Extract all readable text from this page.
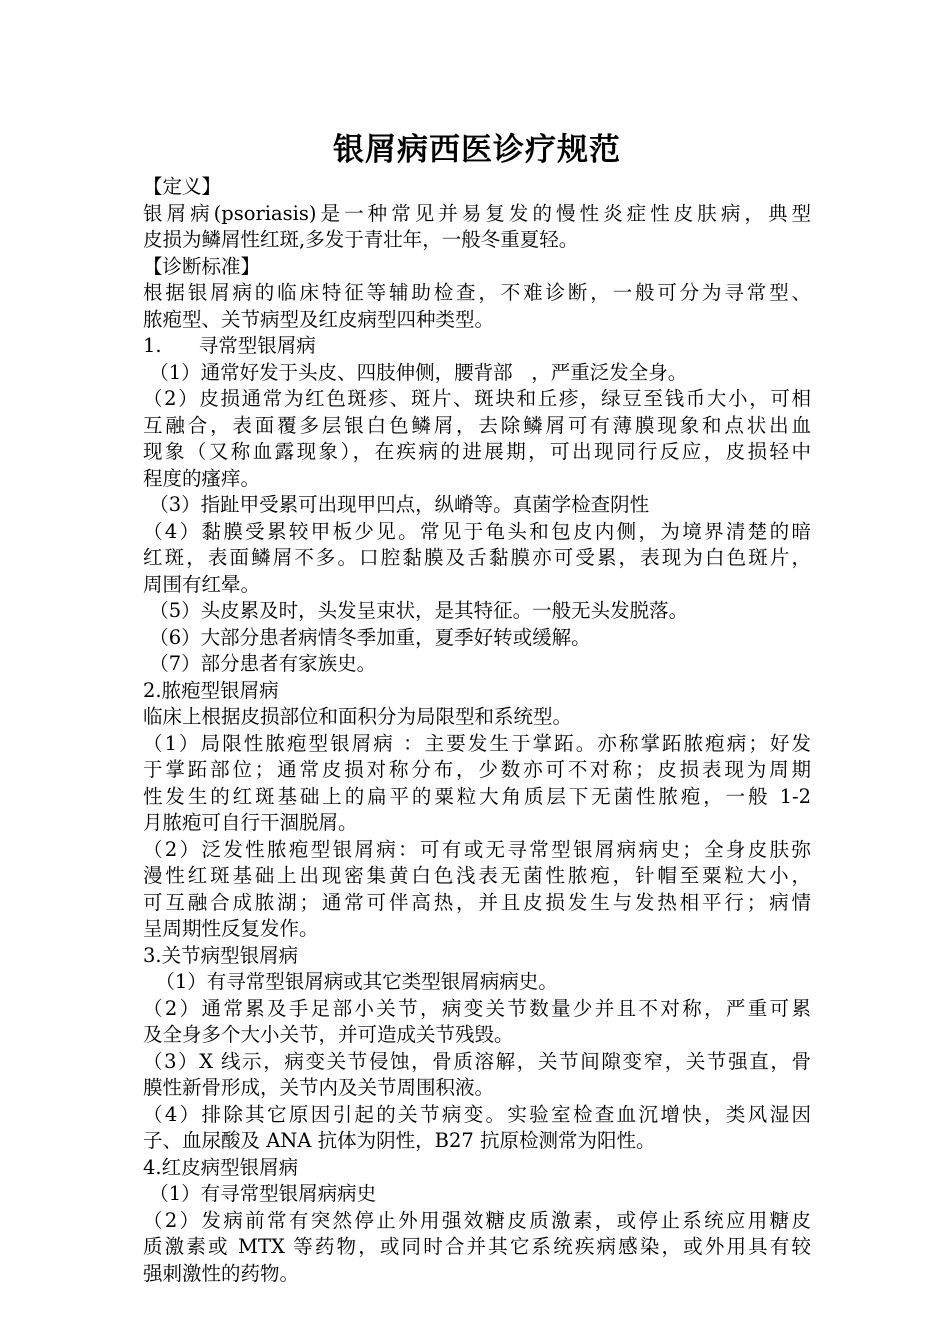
银屑病西医诊疗规范
【定义】
银屑病(psoriasis)是一种常见并易复发的慢性炎症性皮肤病，典型
皮损为鳞屑性红斑,多发于青壮年，一般冬重夏轻。
【诊断标准】
根据银屑病的临床特征等辅助检查，不难诊断，一般可分为寻常型、
脓疱型、关节病型及红皮病型四种类型。
1.      寻常型银屑病
（1）通常好发于头皮、四肢伸侧，腰背部   ，严重泛发全身。
（2）皮损通常为红色斑疹、斑片、斑块和丘疹，绿豆至钱币大小，可相
互融合，表面覆多层银白色鳞屑，去除鳞屑可有薄膜现象和点状出血
现象（又称血露现象），在疾病的进展期，可出现同行反应，皮损轻中
程度的瘙痒。
（3）指趾甲受累可出现甲凹点，纵嵴等。真菌学检查阴性
（4）黏膜受累较甲板少见。常见于龟头和包皮内侧，为境界清楚的暗
红斑，表面鳞屑不多。口腔黏膜及舌黏膜亦可受累，表现为白色斑片，
周围有红晕。
（5）头皮累及时，头发呈束状，是其特征。一般无头发脱落。
（6）大部分患者病情冬季加重，夏季好转或缓解。
（7）部分患者有家族史。
2.脓疱型银屑病
临床上根据皮损部位和面积分为局限型和系统型。
（1）局限性脓疱型银屑病 ：主要发生于掌跖。亦称掌跖脓疱病；好发
于掌跖部位；通常皮损对称分布，少数亦可不对称；皮损表现为周期
性发生的红斑基础上的扁平的粟粒大角质层下无菌性脓疱，一般 1-2
月脓疱可自行干涸脱屑。
（2）泛发性脓疱型银屑病：可有或无寻常型银屑病病史；全身皮肤弥
漫性红斑基础上出现密集黄白色浅表无菌性脓疱，针帽至粟粒大小，
可互融合成脓湖；通常可伴高热，并且皮损发生与发热相平行；病情
呈周期性反复发作。
3.关节病型银屑病
（1）有寻常型银屑病或其它类型银屑病病史。
（2）通常累及手足部小关节，病变关节数量少并且不对称，严重可累
及全身多个大小关节，并可造成关节残毁。
（3）X 线示，病变关节侵蚀，骨质溶解，关节间隙变窄，关节强直，骨
膜性新骨形成，关节内及关节周围积液。
（4）排除其它原因引起的关节病变。实验室检查血沉增快，类风湿因
子、血尿酸及 ANA 抗体为阴性，B27 抗原检测常为阳性。
4.红皮病型银屑病
（1）有寻常型银屑病病史
（2）发病前常有突然停止外用强效糖皮质激素，或停止系统应用糖皮
质激素或 MTX 等药物，或同时合并其它系统疾病感染，或外用具有较
强刺激性的药物。
